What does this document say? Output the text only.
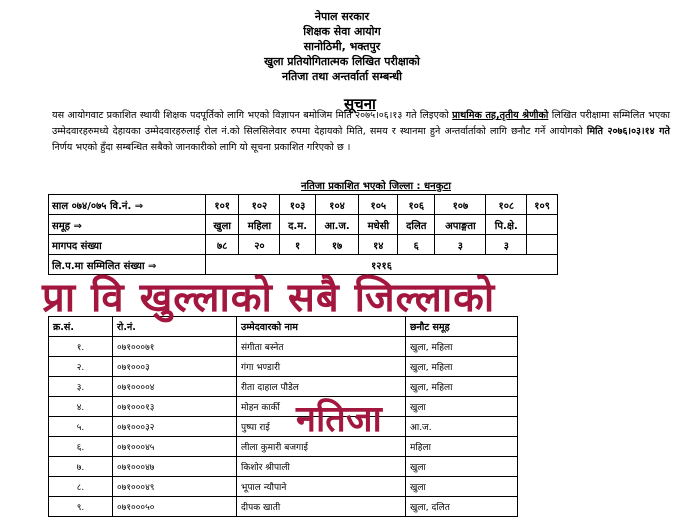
नेपाल सरकार
शिक्षक सेवा आयोग
सानोठिमी, भक्तपुर
खुला प्रतियोगितात्मक लिखित परीक्षाको
नतिजा तथा अन्तर्वार्ता सम्बन्धी
सूचना
यस आयोगवाट प्रकाशित स्थायी शिक्षक पदपूर्तिको लागि भएको विज्ञापन बमोजिम मिति २०७५।०६।१३ गते लिइएको प्राथमिक तह,तृतीय श्रेणीको लिखित परीक्षामा सम्मिलित भएका उम्मेदवारहरुमध्ये देहायका उम्मेदवारहरुलाई रोल नं.को सिलसिलेवार रुपमा देहायको मिति, समय र स्थानमा हुने अन्तर्वार्ताको लागि छनौट गर्ने आयोगको मिति २०७६।०३।१४ गते निर्णय भएको हुँदा सम्बन्धित सबैको जानकारीको लागि यो सूचना प्रकाशित गरिएको छ ।
नतिजा प्रकाशित भएको जिल्ला : धनकुटा
साल ०७४/०७५ वि.नं. ⇒	१०१	१०२	१०३	१०४	१०५	१०६	१०७	१०८	१०९
समूह ⇒	खुला	महिला	द.म.	आ.ज.	मधेसी	दलित	अपाङ्गता	पि.क्षे.	
मागपद संख्या	७८	२०	१	१७	१४	६	३	३	
लि.प.मा सम्मिलित संख्या ⇒	१२१६								
क्र.सं.	रो.नं.	उम्मेदवारको नाम	छनौट समूह
१.	०७१०००७१	संगीता बस्नेत	खुला, महिला
२.	०७१०००३	गंगा भण्डारी	खुला, महिला
३.	०७१००००४	रीता दाहाल पौडेल	खुला, महिला
४.	०७१०००१३	मोहन कार्की	खुला
५.	०७१०००३२	पुष्पा राई	आ.ज.
६.	०७१०००४५	लीला कुमारी बजगाई	महिला
७.	०७१०००४७	किशोर श्रीपाली	खुला
८.	०७१०००४९	भूपाल न्यौपाने	खुला
९.	०७१०००५०	दीपक खाती	खुला, दलित
प्रा वि खुल्लाको सबै जिल्लाको
नतिजा
